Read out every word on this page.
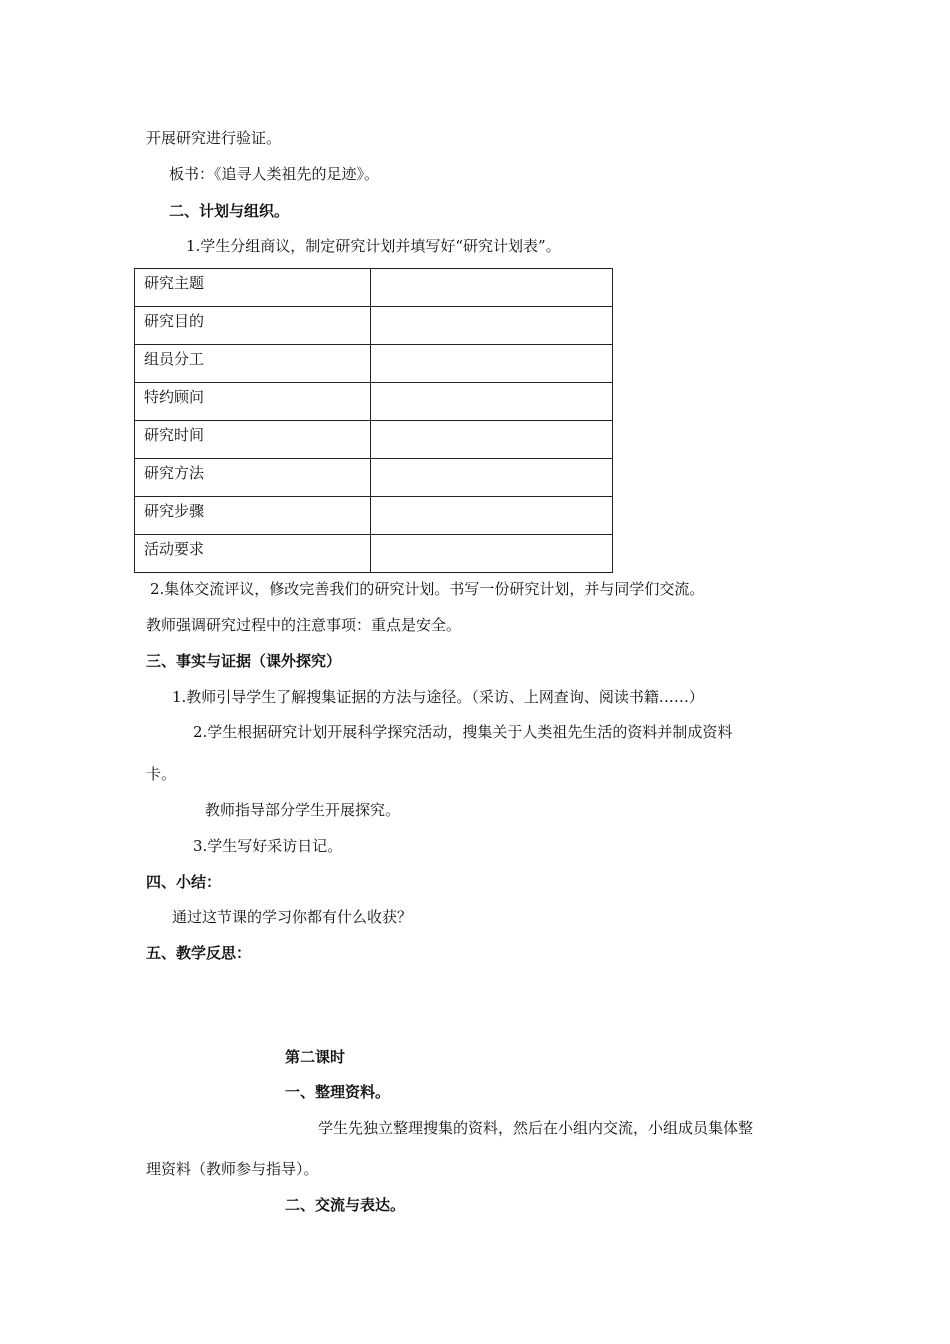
开展研究进行验证。
板书：《追寻人类祖先的足迹》。
二、计划与组织。
1.学生分组商议，制定研究计划并填写好“研究计划表”。
研究主题	
研究目的	
组员分工	
特约顾问	
研究时间	
研究方法	
研究步骤	
活动要求	
2.集体交流评议，修改完善我们的研究计划。书写一份研究计划，并与同学们交流。
教师强调研究过程中的注意事项：重点是安全。
三、事实与证据（课外探究）
1.教师引导学生了解搜集证据的方法与途径。（采访、上网查询、阅读书籍……）
2.学生根据研究计划开展科学探究活动，搜集关于人类祖先生活的资料并制成资料
卡。
教师指导部分学生开展探究。
3.学生写好采访日记。
四、小结：
通过这节课的学习你都有什么收获？
五、教学反思：
第二课时
一、整理资料。
学生先独立整理搜集的资料，然后在小组内交流，小组成员集体整
理资料（教师参与指导）。
二、交流与表达。
